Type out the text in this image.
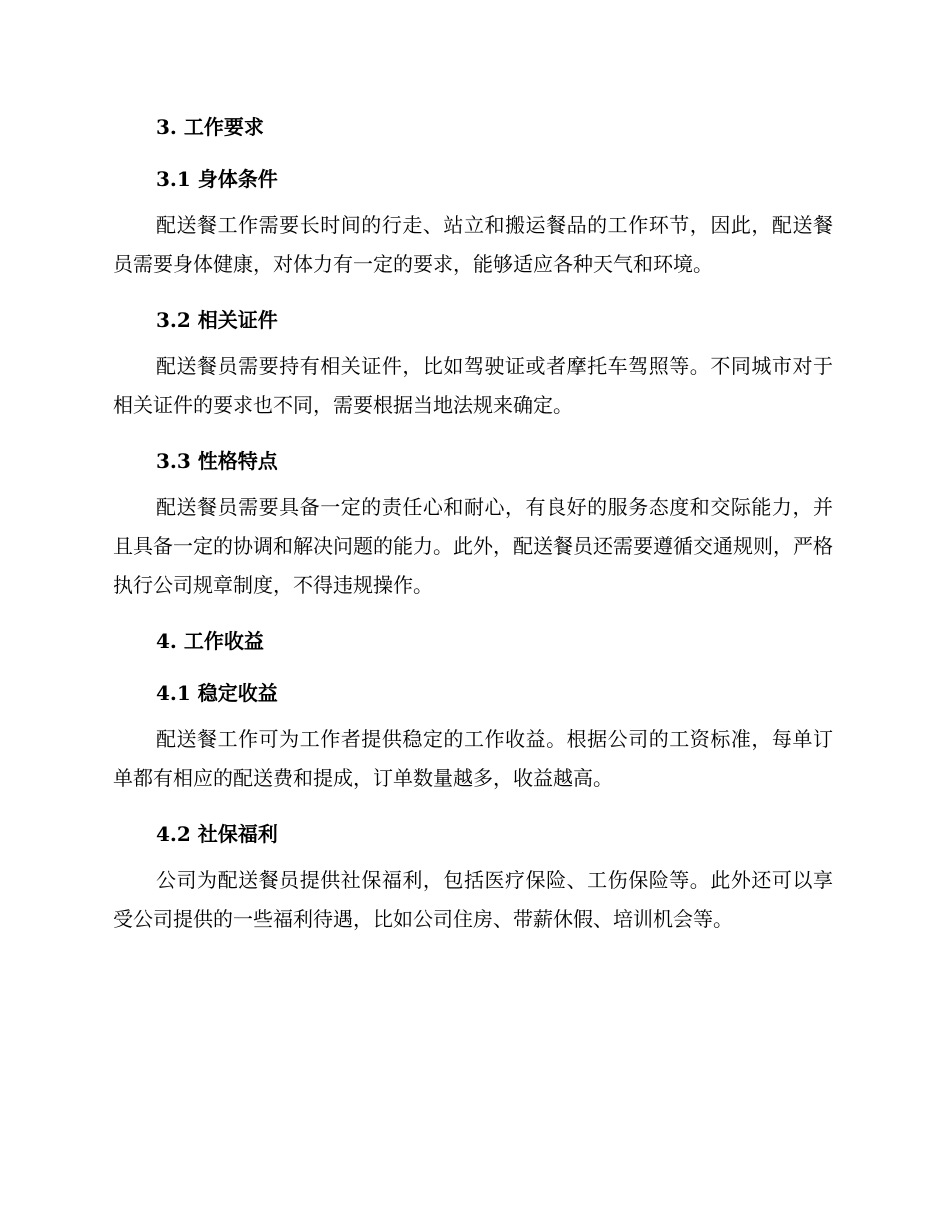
3. 工作要求
3.1 身体条件

配送餐工作需要长时间的行走、站立和搬运餐品的工作环节，因此，配送餐员需要身体健康，对体力有一定的要求，能够适应各种天气和环境。

3.2 相关证件

配送餐员需要持有相关证件，比如驾驶证或者摩托车驾照等。不同城市对于相关证件的要求也不同，需要根据当地法规来确定。

3.3 性格特点

配送餐员需要具备一定的责任心和耐心，有良好的服务态度和交际能力，并且具备一定的协调和解决问题的能力。此外，配送餐员还需要遵循交通规则，严格执行公司规章制度，不得违规操作。

4. 工作收益
4.1 稳定收益

配送餐工作可为工作者提供稳定的工作收益。根据公司的工资标准，每单订单都有相应的配送费和提成，订单数量越多，收益越高。

4.2 社保福利

公司为配送餐员提供社保福利，包括医疗保险、工伤保险等。此外还可以享受公司提供的一些福利待遇，比如公司住房、带薪休假、培训机会等。
